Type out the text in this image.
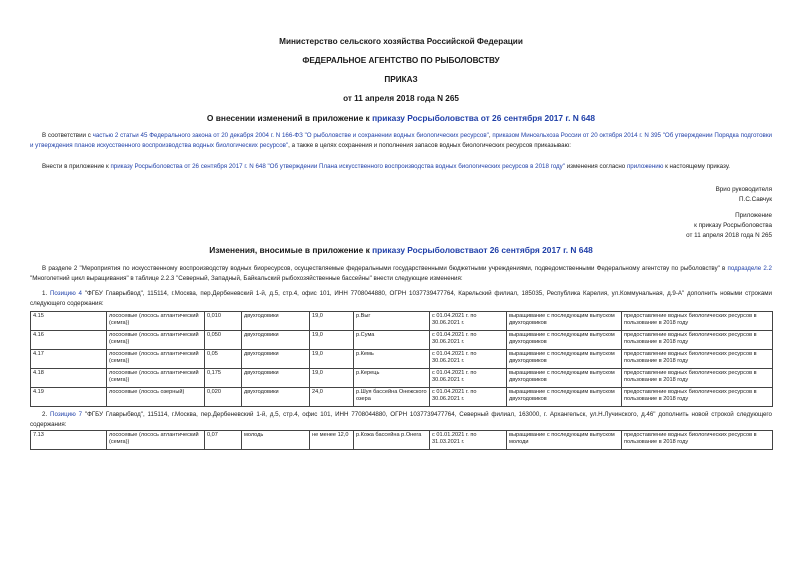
Министерство сельского хозяйства Российской Федерации
ФЕДЕРАЛЬНОЕ АГЕНТСТВО ПО РЫБОЛОВСТВУ
ПРИКАЗ
от 11 апреля 2018 года N 265
О внесении изменений в приложение к приказу Росрыболовства от 26 сентября 2017 г. N 648
В соответствии с частью 2 статьи 45 Федерального закона от 20 декабря 2004 г. N 166-ФЗ "О рыболовстве и сохранении водных биологических ресурсов", приказом Минсельхоза России от 20 октября 2014 г. N 395 "Об утверждении Порядка подготовки и утверждения планов искусственного воспроизводства водных биологических ресурсов", а также в целях сохранения и пополнения запасов водных биологических ресурсов приказываю:
Внести в приложение к приказу Росрыболовства от 26 сентября 2017 г. N 648 "Об утверждении Плана искусственного воспроизводства водных биологических ресурсов в 2018 году" изменения согласно приложению к настоящему приказу.
Врио руководителя
П.С.Савчук
Приложение
к приказу Росрыболовства
от 11 апреля 2018 года N 265
Изменения, вносимые в приложение к приказу Росрыболовстваот 26 сентября 2017 г. N 648
В разделе 2 "Мероприятия по искусственному воспроизводству водных биоресурсов, осуществляемые федеральными государственными бюджетными учреждениями, подведомственными Федеральному агентству по рыболовству" в подразделе 2.2 "Многолетний цикл выращивания" в таблице 2.2.3 "Северный, Западный, Байкальский рыбохозяйственные бассейны" внести следующие изменения:
1. Позицию 4 "ФГБУ Главрыбвод", 115114, г.Москва, пер.Дербеневский 1-й, д.5, стр.4, офис 101, ИНН 7708044880, ОГРН 1037739477764, Карельский филиал, 185035, Республика Карелия, ул.Коммунальная, д.9-А" дополнить новыми строками следующего содержания:
4.15	лососевые (лосось атлантический (семга))	0,010	двухгодовики	19,0	р.Выг	с 01.04.2021 г. по 30.06.2021 г.	выращивание с последующим выпуском двухгодовиков	предоставление водных биологических ресурсов в пользование в 2018 году
4.16	лососевые (лосось атлантический (семга))	0,050	двухгодовики	19,0	р.Сума	с 01.04.2021 г. по 30.06.2021 г.	выращивание с последующим выпуском двухгодовиков	предоставление водных биологических ресурсов в пользование в 2018 году
4.17	лососевые (лосось атлантический (семга))	0,05	двухгодовики	19,0	р.Кемь	с 01.04.2021 г. по 30.06.2021 г.	выращивание с последующим выпуском двухгодовиков	предоставление водных биологических ресурсов в пользование в 2018 году
4.18	лососевые (лосось атлантический (семга))	0,175	двухгодовики	19,0	р.Керець	с 01.04.2021 г. по 30.06.2021 г.	выращивание с последующим выпуском двухгодовиков	предоставление водных биологических ресурсов в пользование в 2018 году
4.19	лососевые (лосось озерный)	0,020	двухгодовики	24,0	р.Шуя бассейна Онежского озера	с 01.04.2021 г. по 30.06.2021 г.	выращивание с последующим выпуском двухгодовиков	предоставление водных биологических ресурсов в пользование в 2018 году
2. Позицию 7 "ФГБУ Главрыбвод", 115114, г.Москва, пер.Дербеневский 1-й, д.5, стр.4, офис 101, ИНН 7708044880, ОГРН 1037739477764, Северный филиал, 163000, г. Архангельск, ул.Н.Лучинского, д.46" дополнить новой строкой следующего содержания:
7.13	лососевые (лосось атлантический (семга))	0,07	молодь	не менее 12,0	р.Кожа бассейна р.Онега	с 01.01.2021 г. по 31.03.2021 г.	выращивание с последующим выпуском молоди	предоставление водных биологических ресурсов в пользование в 2018 году
